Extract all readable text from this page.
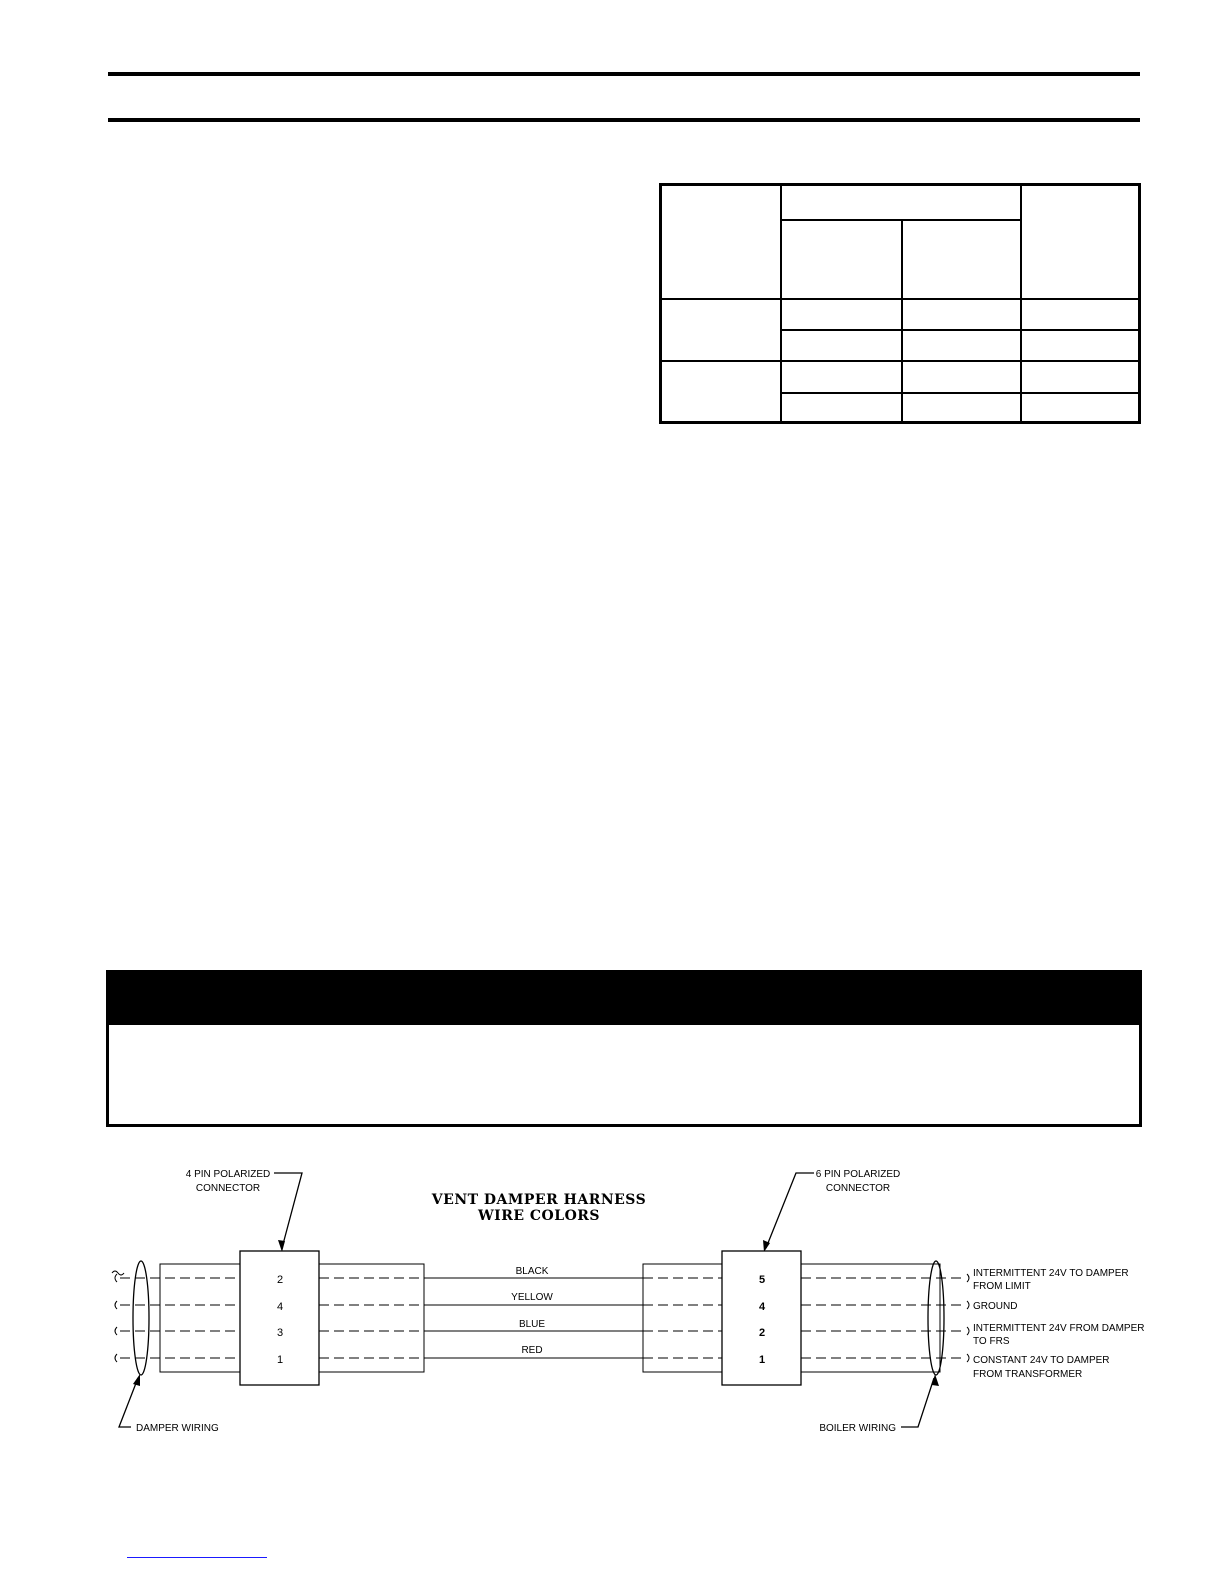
VENT DAMPER HARNESS
WIRE COLORS
4 PIN POLARIZED
CONNECTOR
6 PIN POLARIZED
CONNECTOR
2
4
3
1
5
4
2
1
BLACK
YELLOW
BLUE
RED
INTERMITTENT 24V TO DAMPER
FROM LIMIT
GROUND
INTERMITTENT 24V FROM DAMPER
TO FRS
CONSTANT 24V TO DAMPER
FROM TRANSFORMER
DAMPER WIRING	BOILER WIRING
